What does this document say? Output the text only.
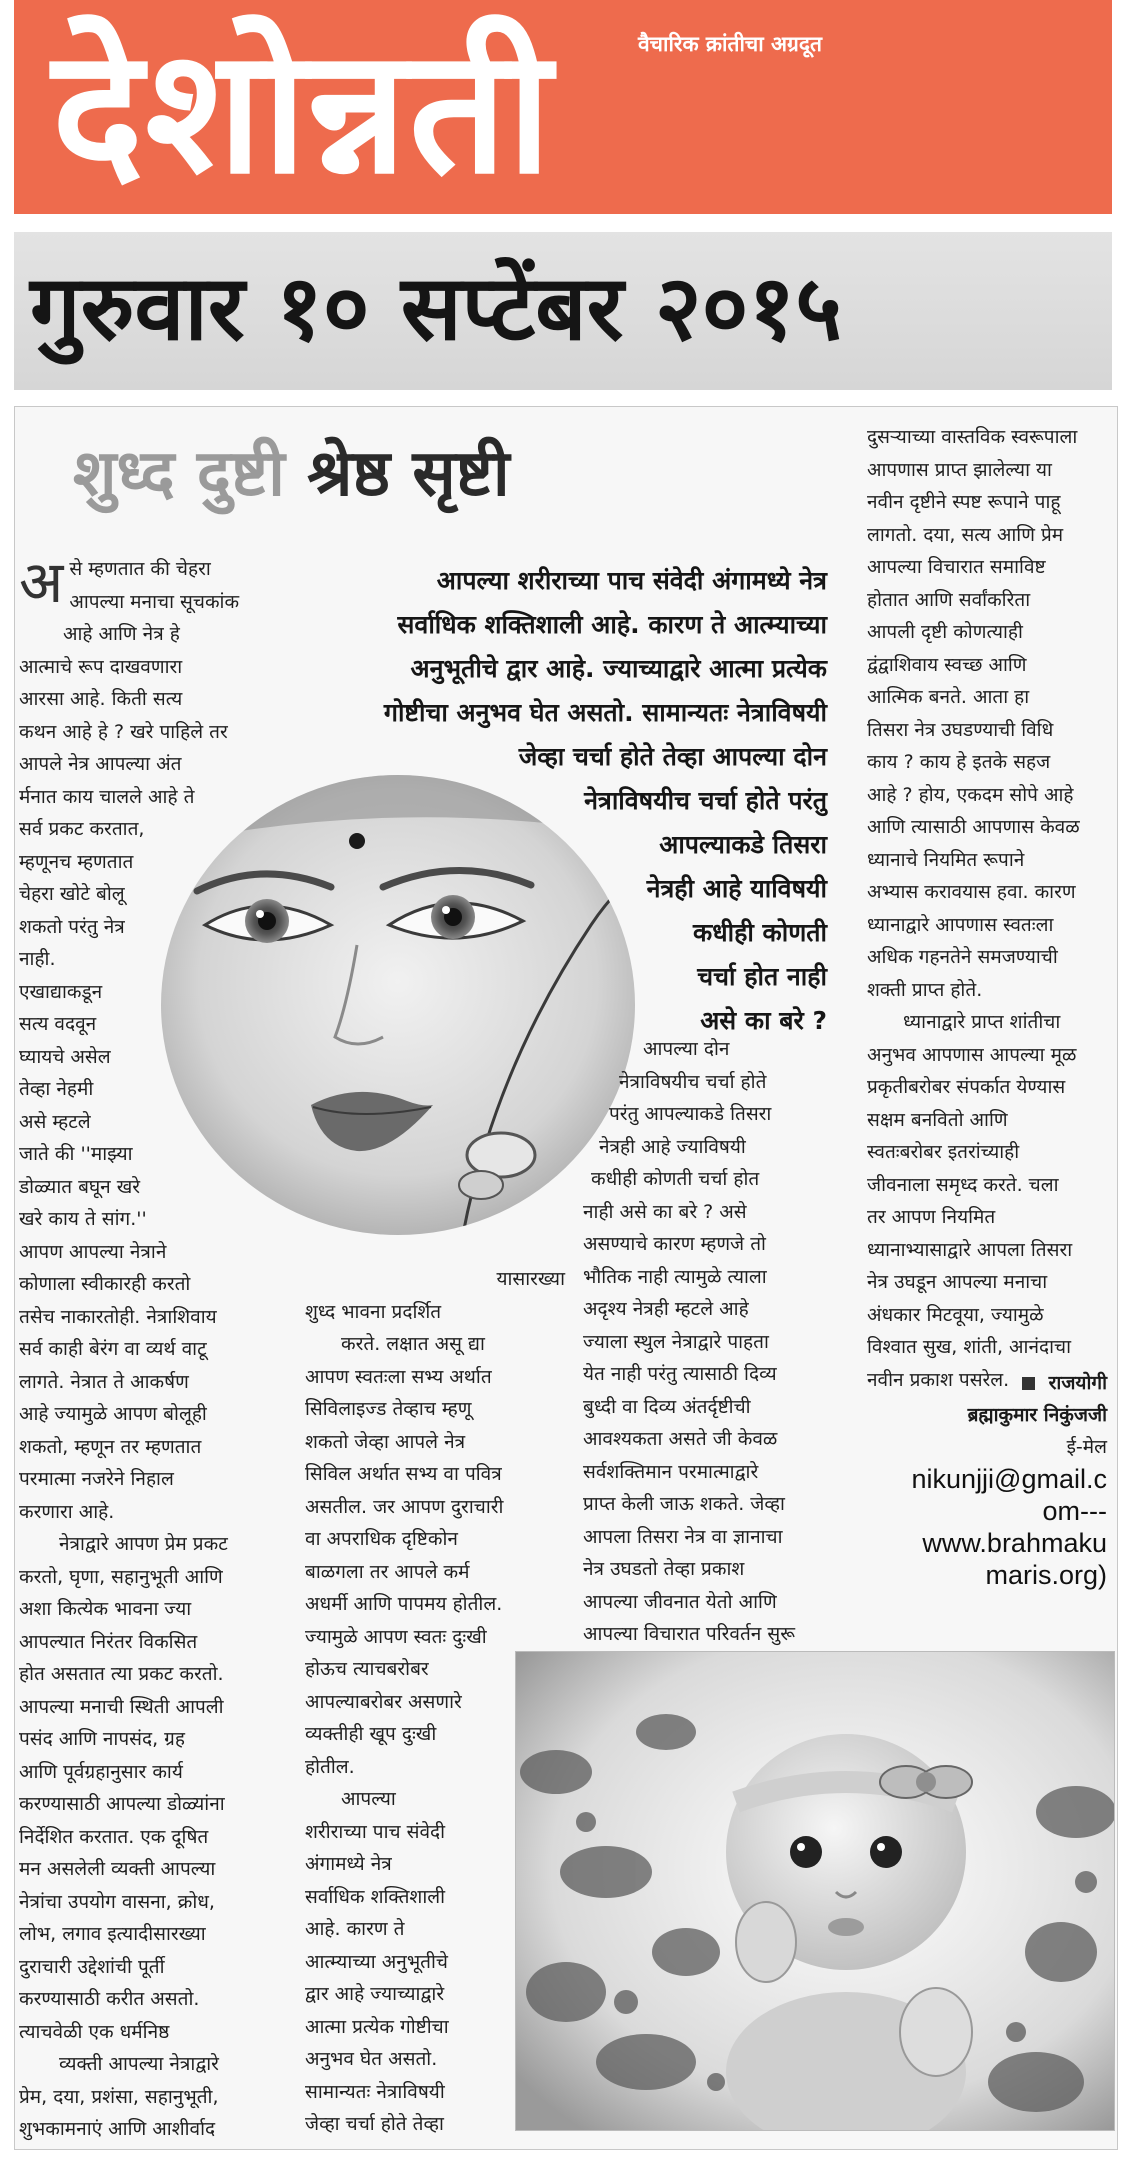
देशोन्नती	वैचारिक क्रांतीचा अग्रदूत
गुरुवार १० सप्टेंबर २०१५
शुध्द दुष्टी श्रेष्ठ सृष्टी

आपल्या शरीराच्या पाच संवेदी अंगामध्ये नेत्र

सर्वाधिक शक्तिशाली आहे. कारण ते आत्म्याच्या

अनुभूतीचे द्वार आहे. ज्याच्याद्वारे आत्मा प्रत्येक

गोष्टीचा अनुभव घेत असतो. सामान्यतः नेत्राविषयी

जेव्हा चर्चा होते तेव्हा आपल्या दोन

नेत्राविषयीच चर्चा होते परंतु

आपल्याकडे तिसरा

नेत्रही आहे याविषयी

कधीही कोणती

चर्चा होत नाही

असे का बरे ?

अ से म्हणतात की चेहरा

आपल्या मनाचा सूचकांक

आहे आणि नेत्र हे

आत्माचे रूप दाखवणारा

आरसा आहे. किती सत्य

कथन आहे हे ? खरे पाहिले तर

आपले नेत्र आपल्या अंत

र्मनात काय चालले आहे ते

सर्व प्रकट करतात,

म्हणूनच म्हणतात

चेहरा खोटे बोलू

शकतो परंतु नेत्र

नाही.

एखाद्याकडून

सत्य वदवून

घ्यायचे असेल

तेव्हा नेहमी

असे म्हटले

जाते की ''माझ्या

डोळ्यात बघून खरे

खरे काय ते सांग.''

आपण आपल्या नेत्राने

कोणाला स्वीकारही करतो

तसेच नाकारतोही. नेत्राशिवाय

सर्व काही बेरंग वा व्यर्थ वाटू

लागते. नेत्रात ते आकर्षण

आहे ज्यामुळे आपण बोलूही

शकतो, म्हणून तर म्हणतात

परमात्मा नजरेने निहाल

करणारा आहे.

नेत्राद्वारे आपण प्रेम प्रकट

करतो, घृणा, सहानुभूती आणि

अशा कित्येक भावना ज्या

आपल्यात निरंतर विकसित

होत असतात त्या प्रकट करतो.

आपल्या मनाची स्थिती आपली

पसंद आणि नापसंद, ग्रह

आणि पूर्वग्रहानुसार कार्य

करण्यासाठी आपल्या डोळ्यांना

निर्देशित करतात. एक दूषित

मन असलेली व्यक्ती आपल्या

नेत्रांचा उपयोग वासना, क्रोध,

लोभ, लगाव इत्यादीसारख्या

दुराचारी उद्देशांची पूर्ती

करण्यासाठी करीत असतो.

त्याचवेळी एक धर्मनिष्ठ

व्यक्ती आपल्या नेत्राद्वारे

प्रेम, दया, प्रशंसा, सहानुभूती,

शुभकामनाएं आणि आशीर्वाद

यासारख्या

शुध्द भावना प्रदर्शित

करते. लक्षात असू द्या

आपण स्वतःला सभ्य अर्थात

सिविलाइज्ड तेव्हाच म्हणू

शकतो जेव्हा आपले नेत्र

सिविल अर्थात सभ्य वा पवित्र

असतील. जर आपण दुराचारी

वा अपराधिक दृष्टिकोन

बाळगला तर आपले कर्म

अधर्मी आणि पापमय होतील.

ज्यामुळे आपण स्वतः दुःखी

होऊच त्याचबरोबर

आपल्याबरोबर असणारे

व्यक्तीही खूप दुःखी

होतील.

आपल्या

शरीराच्या पाच संवेदी

अंगामध्ये नेत्र

सर्वाधिक शक्तिशाली

आहे. कारण ते

आत्म्याच्या अनुभूतीचे

द्वार आहे ज्याच्याद्वारे

आत्मा प्रत्येक गोष्टीचा

अनुभव घेत असतो.

सामान्यतः नेत्राविषयी

जेव्हा चर्चा होते तेव्हा

आपल्या दोन

नेत्राविषयीच चर्चा होते

परंतु आपल्याकडे तिसरा

नेत्रही आहे ज्याविषयी

कधीही कोणती चर्चा होत

नाही असे का बरे ? असे

असण्याचे कारण म्हणजे तो

भौतिक नाही त्यामुळे त्याला

अदृश्य नेत्रही म्हटले आहे

ज्याला स्थुल नेत्राद्वारे पाहता

येत नाही परंतु त्यासाठी दिव्य

बुध्दी वा दिव्य अंतर्दृष्टीची

आवश्यकता असते जी केवळ

सर्वशक्तिमान परमात्माद्वारे

प्राप्त केली जाऊ शकते. जेव्हा

आपला तिसरा नेत्र वा ज्ञानाचा

नेत्र उघडतो तेव्हा प्रकाश

आपल्या जीवनात येतो आणि

आपल्या विचारात परिवर्तन सुरू

दुसऱ्याच्या वास्तविक स्वरूपाला

आपणास प्राप्त झालेल्या या

नवीन दृष्टीने स्पष्ट रूपाने पाहू

लागतो. दया, सत्य आणि प्रेम

आपल्या विचारात समाविष्ट

होतात आणि सर्वांकरिता

आपली दृष्टी कोणत्याही

द्वंद्वाशिवाय स्वच्छ आणि

आत्मिक बनते. आता हा

तिसरा नेत्र उघडण्याची विधि

काय ? काय हे इतके सहज

आहे ? होय, एकदम सोपे आहे

आणि त्यासाठी आपणास केवळ

ध्यानाचे नियमित रूपाने

अभ्यास करावयास हवा. कारण

ध्यानाद्वारे आपणास स्वतःला

अधिक गहनतेने समजण्याची

शक्ती प्राप्त होते.

ध्यानाद्वारे प्राप्त शांतीचा

अनुभव आपणास आपल्या मूळ

प्रकृतीबरोबर संपर्कात येण्यास

सक्षम बनवितो आणि

स्वतःबरोबर इतरांच्याही

जीवनाला समृध्द करते. चला

तर आपण नियमित

ध्यानाभ्यासाद्वारे आपला तिसरा

नेत्र उघडून आपल्या मनाचा

अंधकार मिटवूया, ज्यामुळे

विश्वात सुख, शांती, आनंदाचा

नवीन प्रकाश पसरेल.	राजयोगी

ब्रह्माकुमार निकुंजजी

ई-मेल

nikunjji@gmail.c

om---

www.brahmaku

maris.org)
